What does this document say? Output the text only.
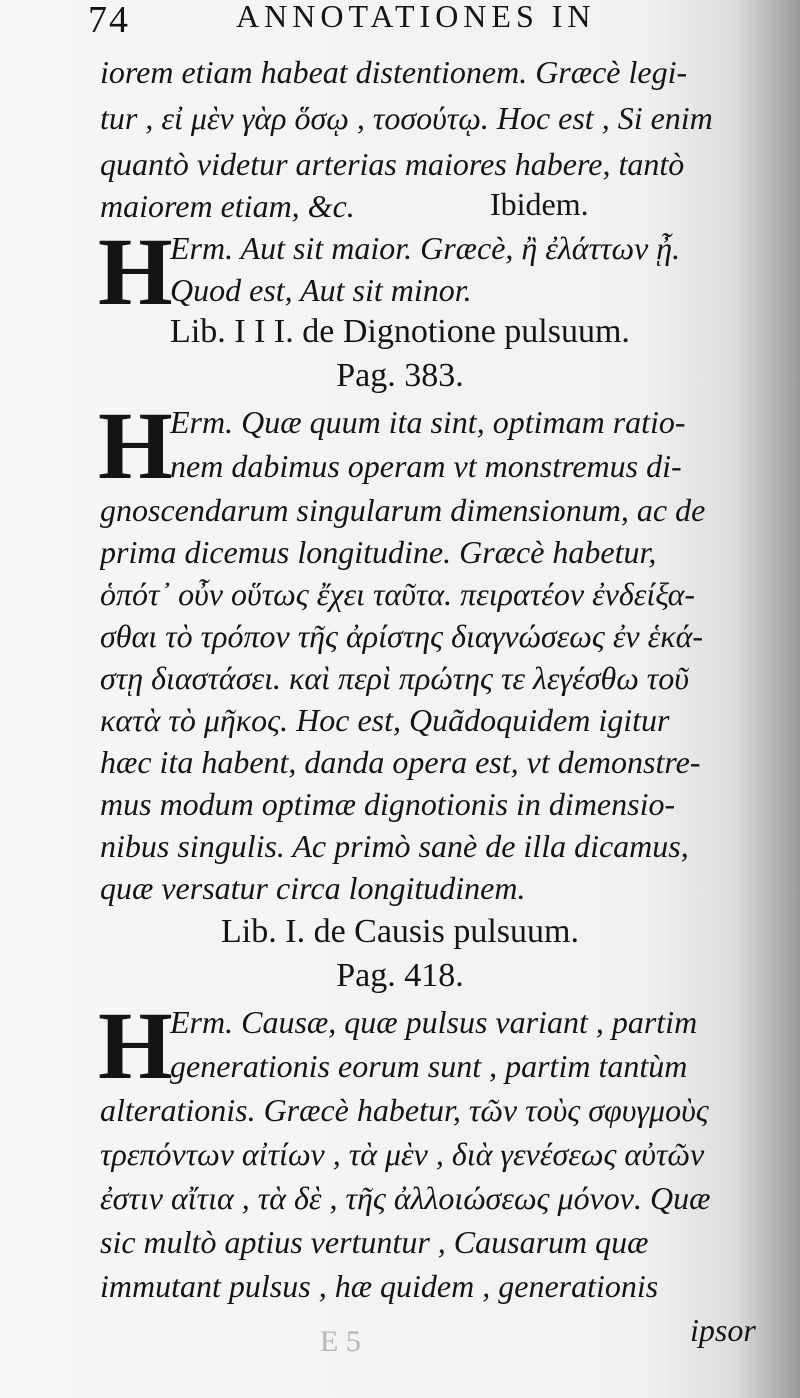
74	ANNOTATIONES IN
iorem etiam habeat distentionem. Græcè legi-
tur , εἰ μὲν γὰρ ὅσῳ , τοσούτῳ. Hoc est , Si enim
quantò videtur arterias maiores habere, tantò
maiorem etiam, &c.	Ibidem.
H
Erm. Aut sit maior. Græcè, ἢ ἐλάττων ᾖ.
Quod est, Aut sit minor.
Lib. I I I. de Dignotione pulsuum.
Pag. 383.
H
Erm. Quæ quum ita sint, optimam ratio-
nem dabimus operam vt monstremus di-
gnoscendarum singularum dimensionum, ac de
prima dicemus longitudine. Græcè habetur,
ὁπότ᾽ οὖν οὕτως ἔχει ταῦτα. πειρατέον ἐνδείξα-
σθαι τὸ τρόπον τῆς ἀρίστης διαγνώσεως ἐν ἑκά-
στῃ διαστάσει. καὶ περὶ πρώτης τε λεγέσθω τοῦ
κατὰ τὸ μῆκος. Hoc est, Quãdoquidem igitur
hæc ita habent, danda opera est, vt demonstre-
mus modum optimæ dignotionis in dimensio-
nibus singulis. Ac primò sanè de illa dicamus,
quæ versatur circa longitudinem.
Lib. I. de Causis pulsuum.
Pag. 418.
H
Erm. Causæ, quæ pulsus variant , partim
generationis eorum sunt , partim tantùm
alterationis. Græcè habetur, τῶν τοὺς σφυγμοὺς
τρεπόντων αἰτίων , τὰ μὲν , διὰ γενέσεως αὐτῶν
ἐστιν αἴτια , τὰ δὲ , τῆς ἀλλοιώσεως μόνον. Quæ
sic multò aptius vertuntur , Causarum quæ
immutant pulsus , hæ quidem , generationis
ipsor
E 5
